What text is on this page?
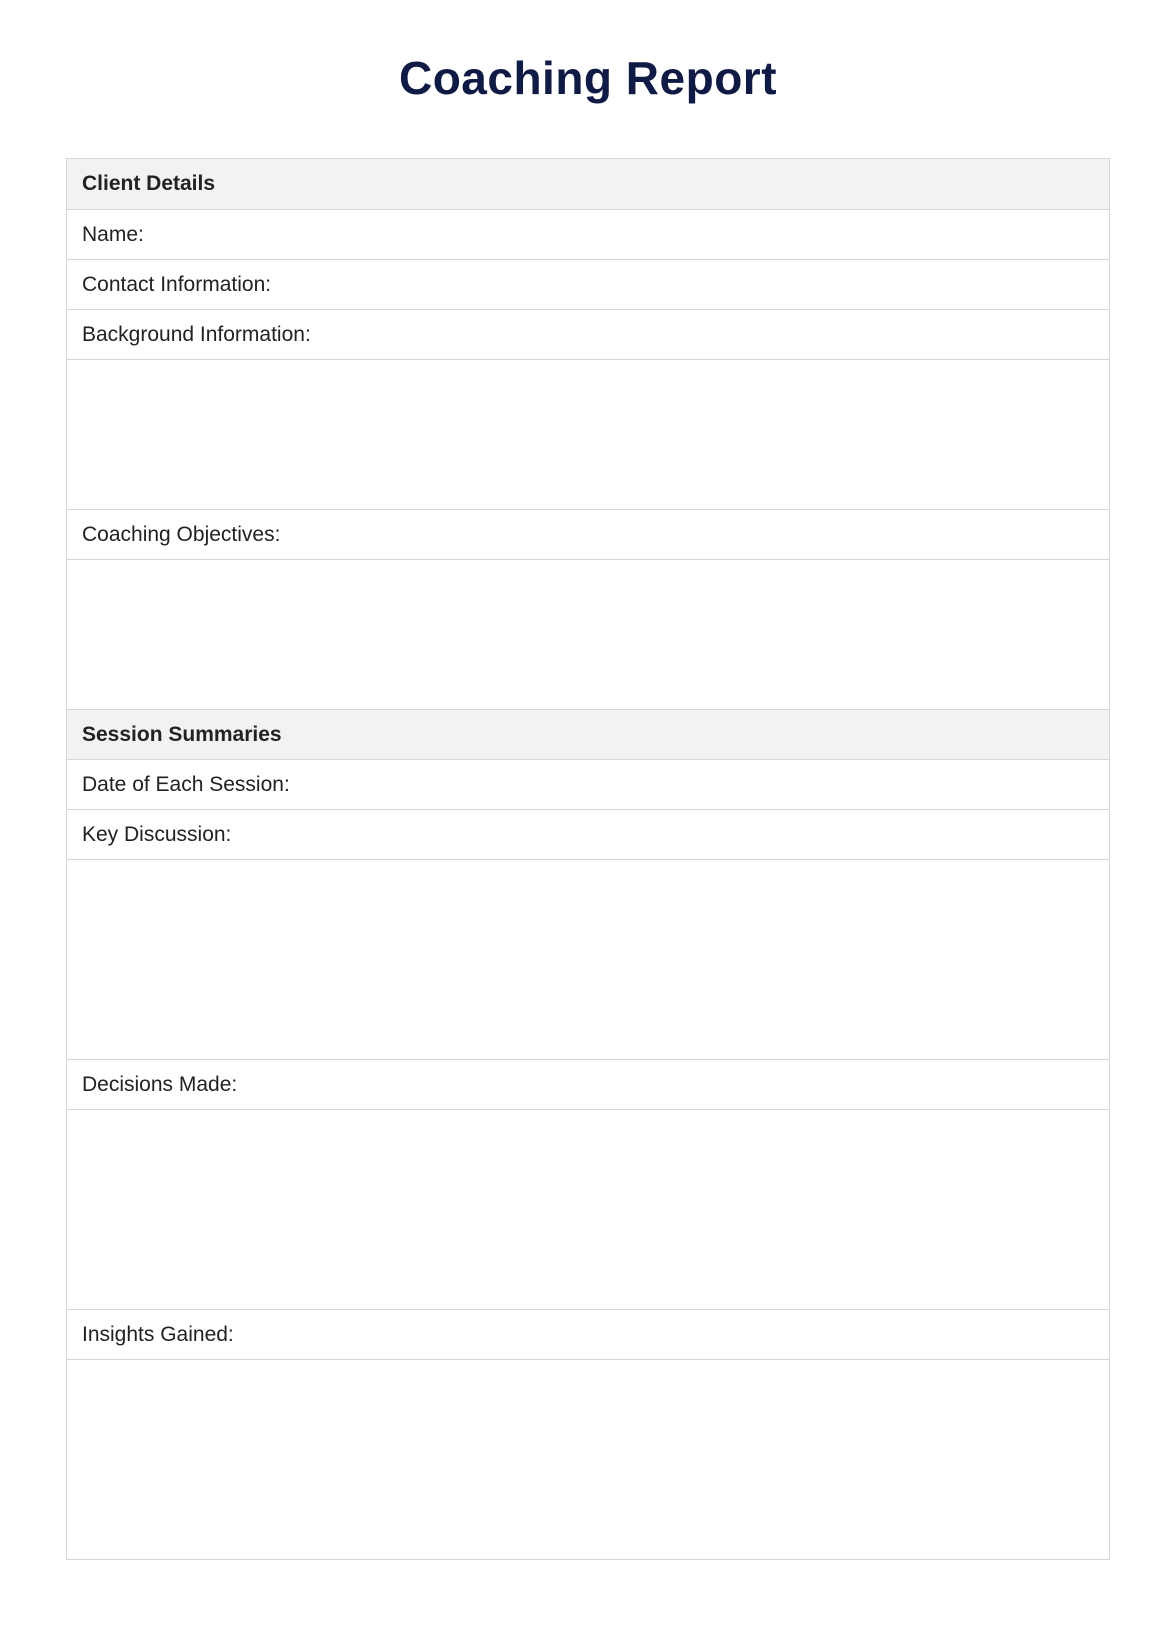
Coaching Report
Client Details
Name:
Contact Information:
Background Information:
Coaching Objectives:
Session Summaries
Date of Each Session:
Key Discussion:
Decisions Made:
Insights Gained:
